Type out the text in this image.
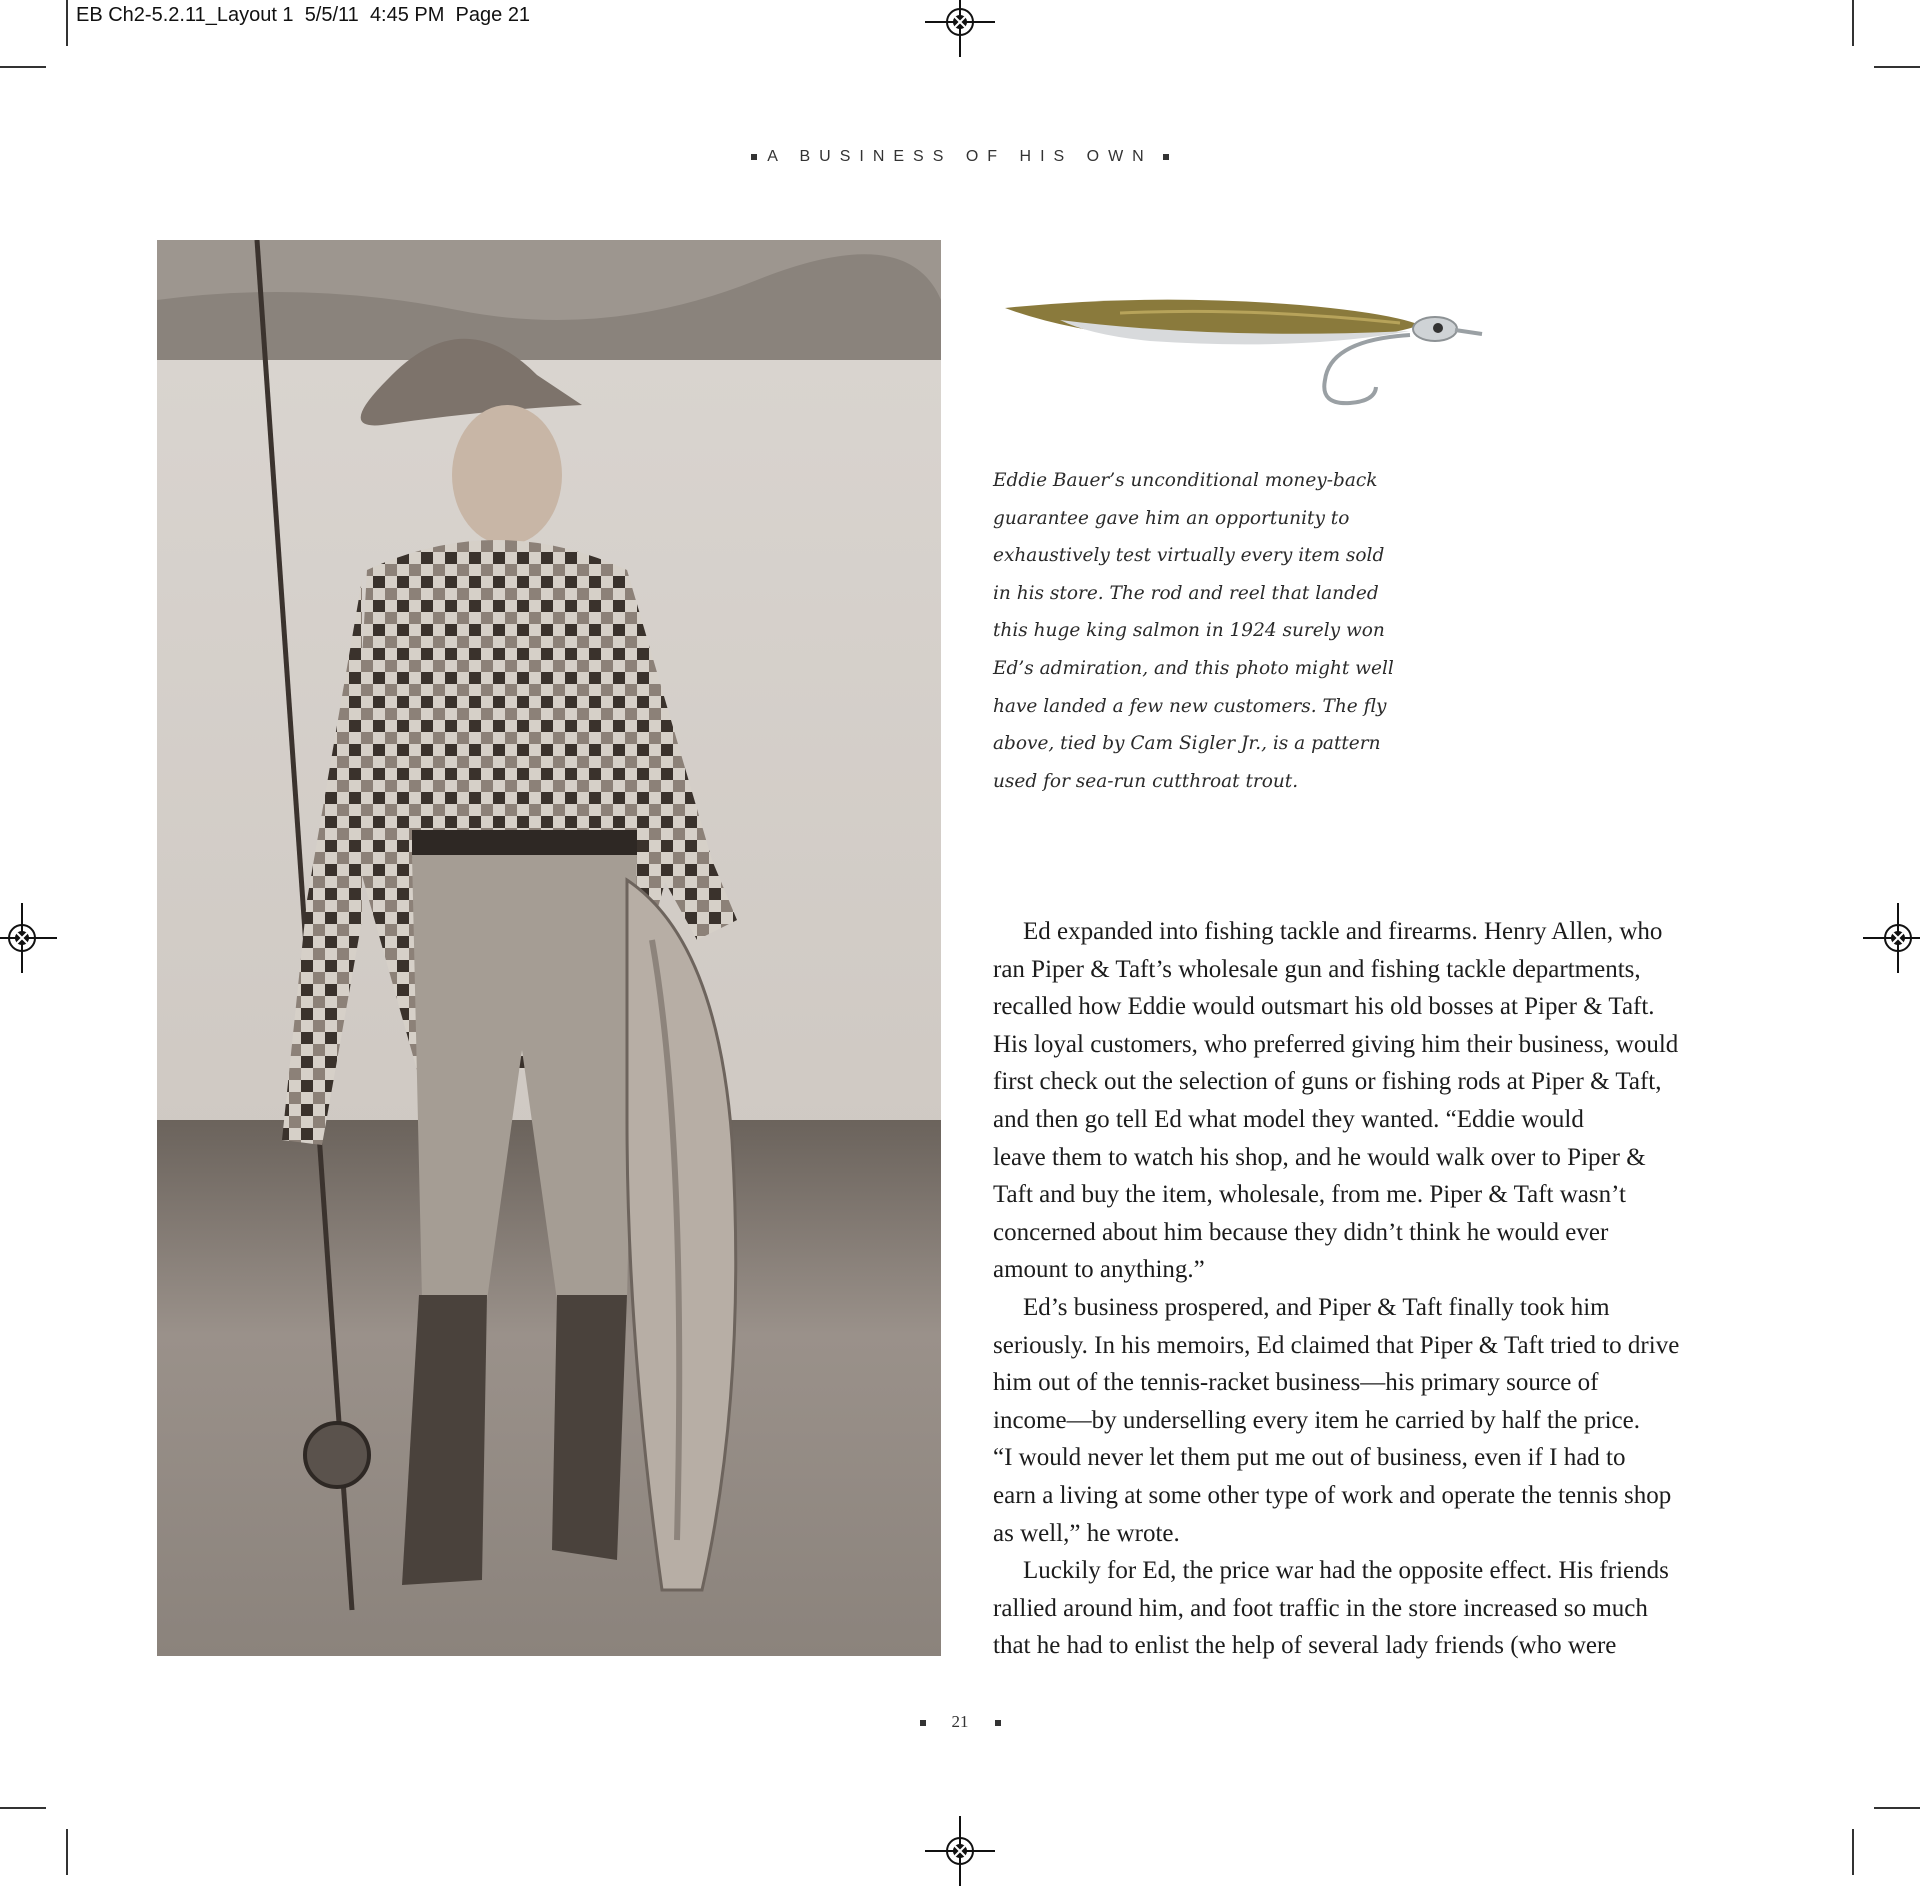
EB Ch2-5.2.11_Layout 1 5/5/11 4:45 PM Page 21
A BUSINESS OF HIS OWN
Eddie Bauer’s unconditional money-back
guarantee gave him an opportunity to
exhaustively test virtually every item sold
in his store. The rod and reel that landed
this huge king salmon in 1924 surely won
Ed’s admiration, and this photo might well
have landed a few new customers. The fly
above, tied by Cam Sigler Jr., is a pattern
used for sea-run cutthroat trout.
Ed expanded into fishing tackle and firearms. Henry Allen, who
ran Piper & Taft’s wholesale gun and fishing tackle departments,
recalled how Eddie would outsmart his old bosses at Piper & Taft.
His loyal customers, who preferred giving him their business, would
first check out the selection of guns or fishing rods at Piper & Taft,
and then go tell Ed what model they wanted. “Eddie would
leave them to watch his shop, and he would walk over to Piper &
Taft and buy the item, wholesale, from me. Piper & Taft wasn’t
concerned about him because they didn’t think he would ever
amount to anything.”
Ed’s business prospered, and Piper & Taft finally took him
seriously. In his memoirs, Ed claimed that Piper & Taft tried to drive
him out of the tennis-racket business—his primary source of
income—by underselling every item he carried by half the price.
“I would never let them put me out of business, even if I had to
earn a living at some other type of work and operate the tennis shop
as well,” he wrote.
Luckily for Ed, the price war had the opposite effect. His friends
rallied around him, and foot traffic in the store increased so much
that he had to enlist the help of several lady friends (who were
21
